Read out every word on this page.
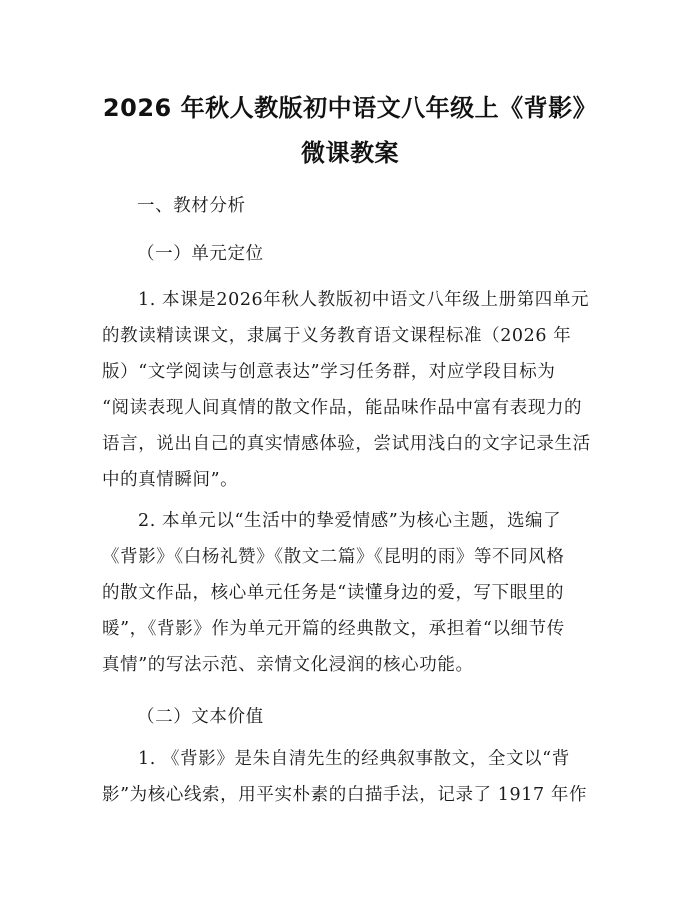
2026 年秋人教版初中语文八年级上《背影》
微课教案
一、教材分析
（一）单元定位
1. 本课是2026年秋人教版初中语文八年级上册第四单元
的教读精读课文，隶属于义务教育语文课程标准（2026 年
版）“文学阅读与创意表达”学习任务群，对应学段目标为
“阅读表现人间真情的散文作品，能品味作品中富有表现力的
语言，说出自己的真实情感体验，尝试用浅白的文字记录生活
中的真情瞬间”。
2. 本单元以“生活中的挚爱情感”为核心主题，选编了
《背影》《白杨礼赞》《散文二篇》《昆明的雨》等不同风格
的散文作品，核心单元任务是“读懂身边的爱，写下眼里的
暖”，《背影》作为单元开篇的经典散文，承担着“以细节传
真情”的写法示范、亲情文化浸润的核心功能。
（二）文本价值
1. 《背影》是朱自清先生的经典叙事散文，全文以“背
影”为核心线索，用平实朴素的白描手法，记录了 1917 年作
